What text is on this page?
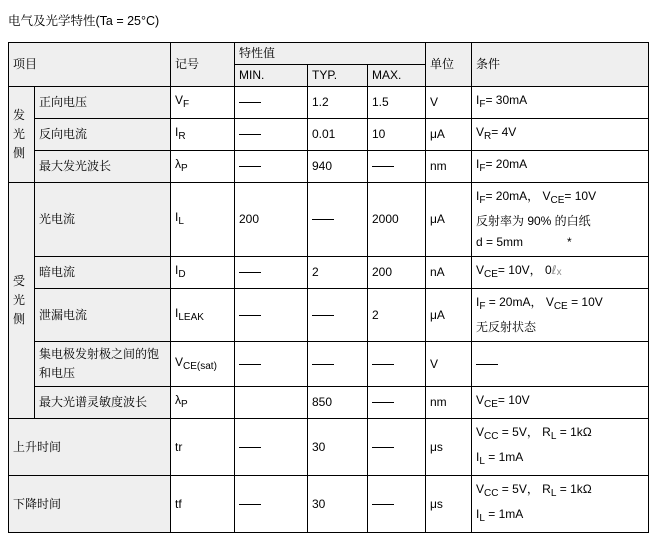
电气及光学特性(Ta = 25°C)
项目		记号	特性值			单位	条件
			MIN.	TYP.	MAX.		
发光侧	正向电压	$V_F$		1.2	1.5	V	$I_F= 30mA$

	反向电流	$I_R$		0.01	10	μA	$V_R= 4V$

	最大发光波长	$\lambda_P$		940		nm	$I_F= 20mA$

受光侧	光电流	$I_L$	200		2000	μA	$I_F= 20mA$， $V_{CE}= 10V$
反射率为 90% 的白纸
d = 5mm *

	暗电流	$I_D$		2	200	nA	$V_{CE}= 10V$， 0ℓx

	泄漏电流	$I_{LEAK}$			2	μA	$I_F = 20mA$， $V_{CE} = 10V$
无反射状态

	集电极发射极之间的饱和电压	$V_{CE(sat)}$				V	

	最大光谱灵敏度波长	$\lambda_P$		850		nm	$V_{CE}= 10V$

上升时间		tr		30		μs	$V_{CC} = 5V$， $R_L = 1k\Omega$
$I_L = 1mA$

下降时间		tf		30		μs	$V_{CC} = 5V$， $R_L = 1k\Omega$
$I_L = 1mA$
